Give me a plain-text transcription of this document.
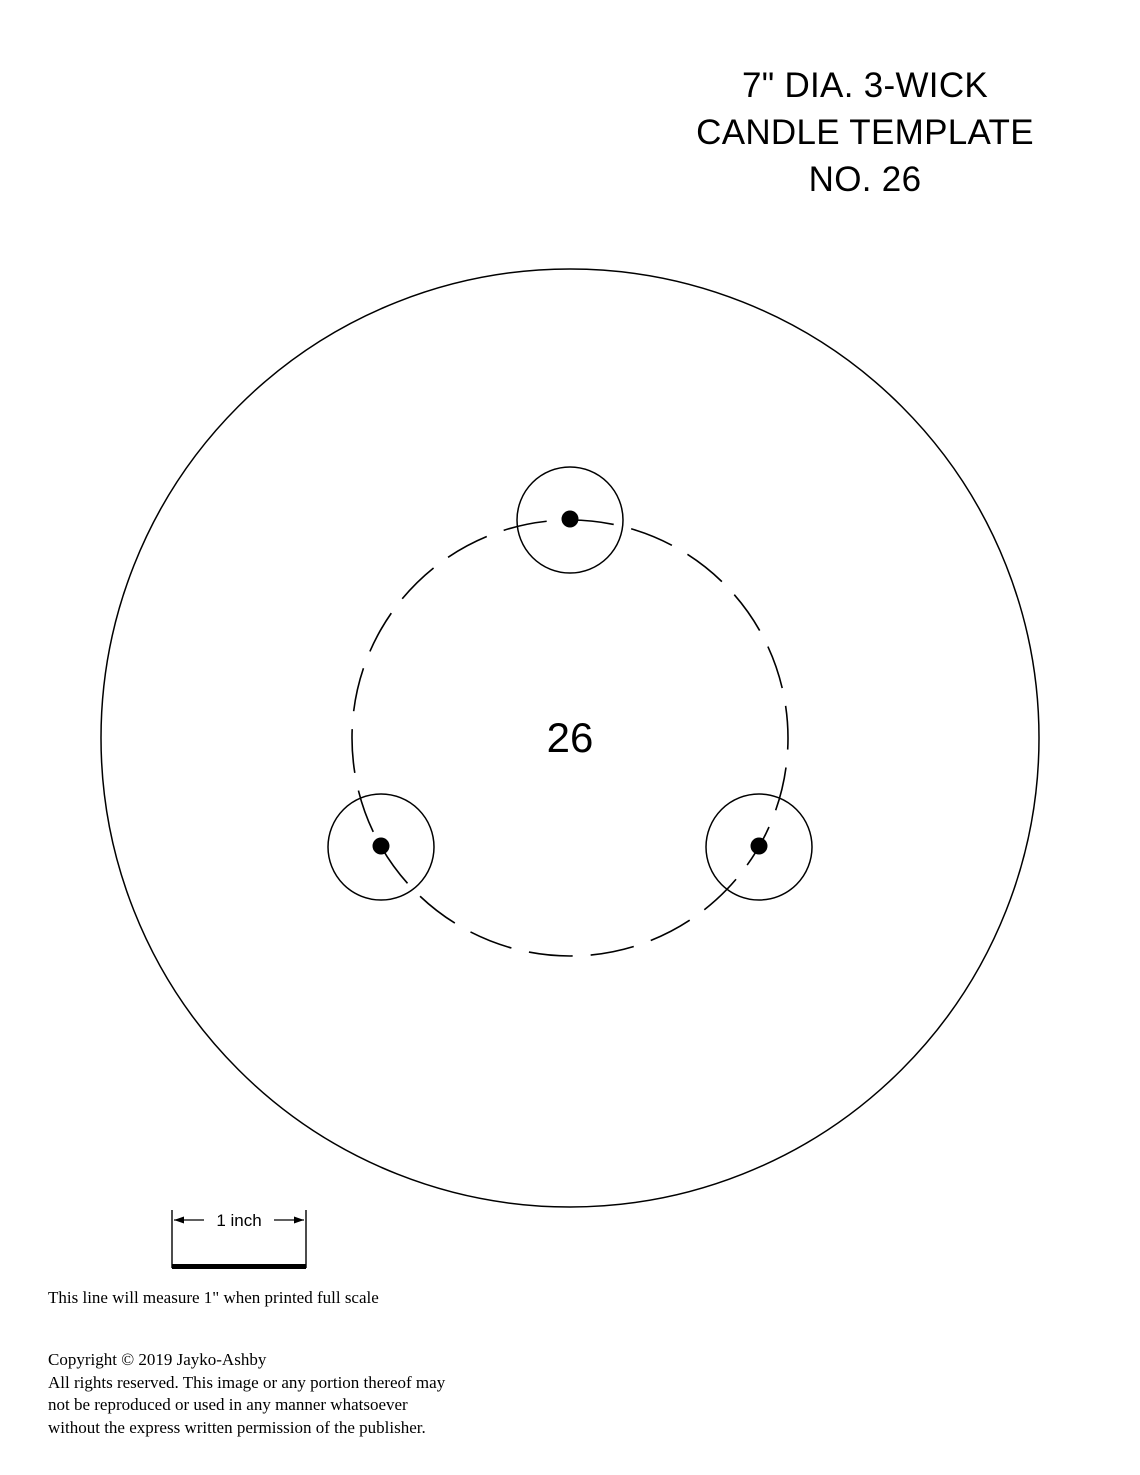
7" DIA. 3-WICK
CANDLE TEMPLATE
NO. 26
26
1 inch
This line will measure 1" when printed full scale
Copyright © 2019 Jayko-Ashby
All rights reserved. This image or any portion thereof may
not be reproduced or used in any manner whatsoever
without the express written permission of the publisher.
